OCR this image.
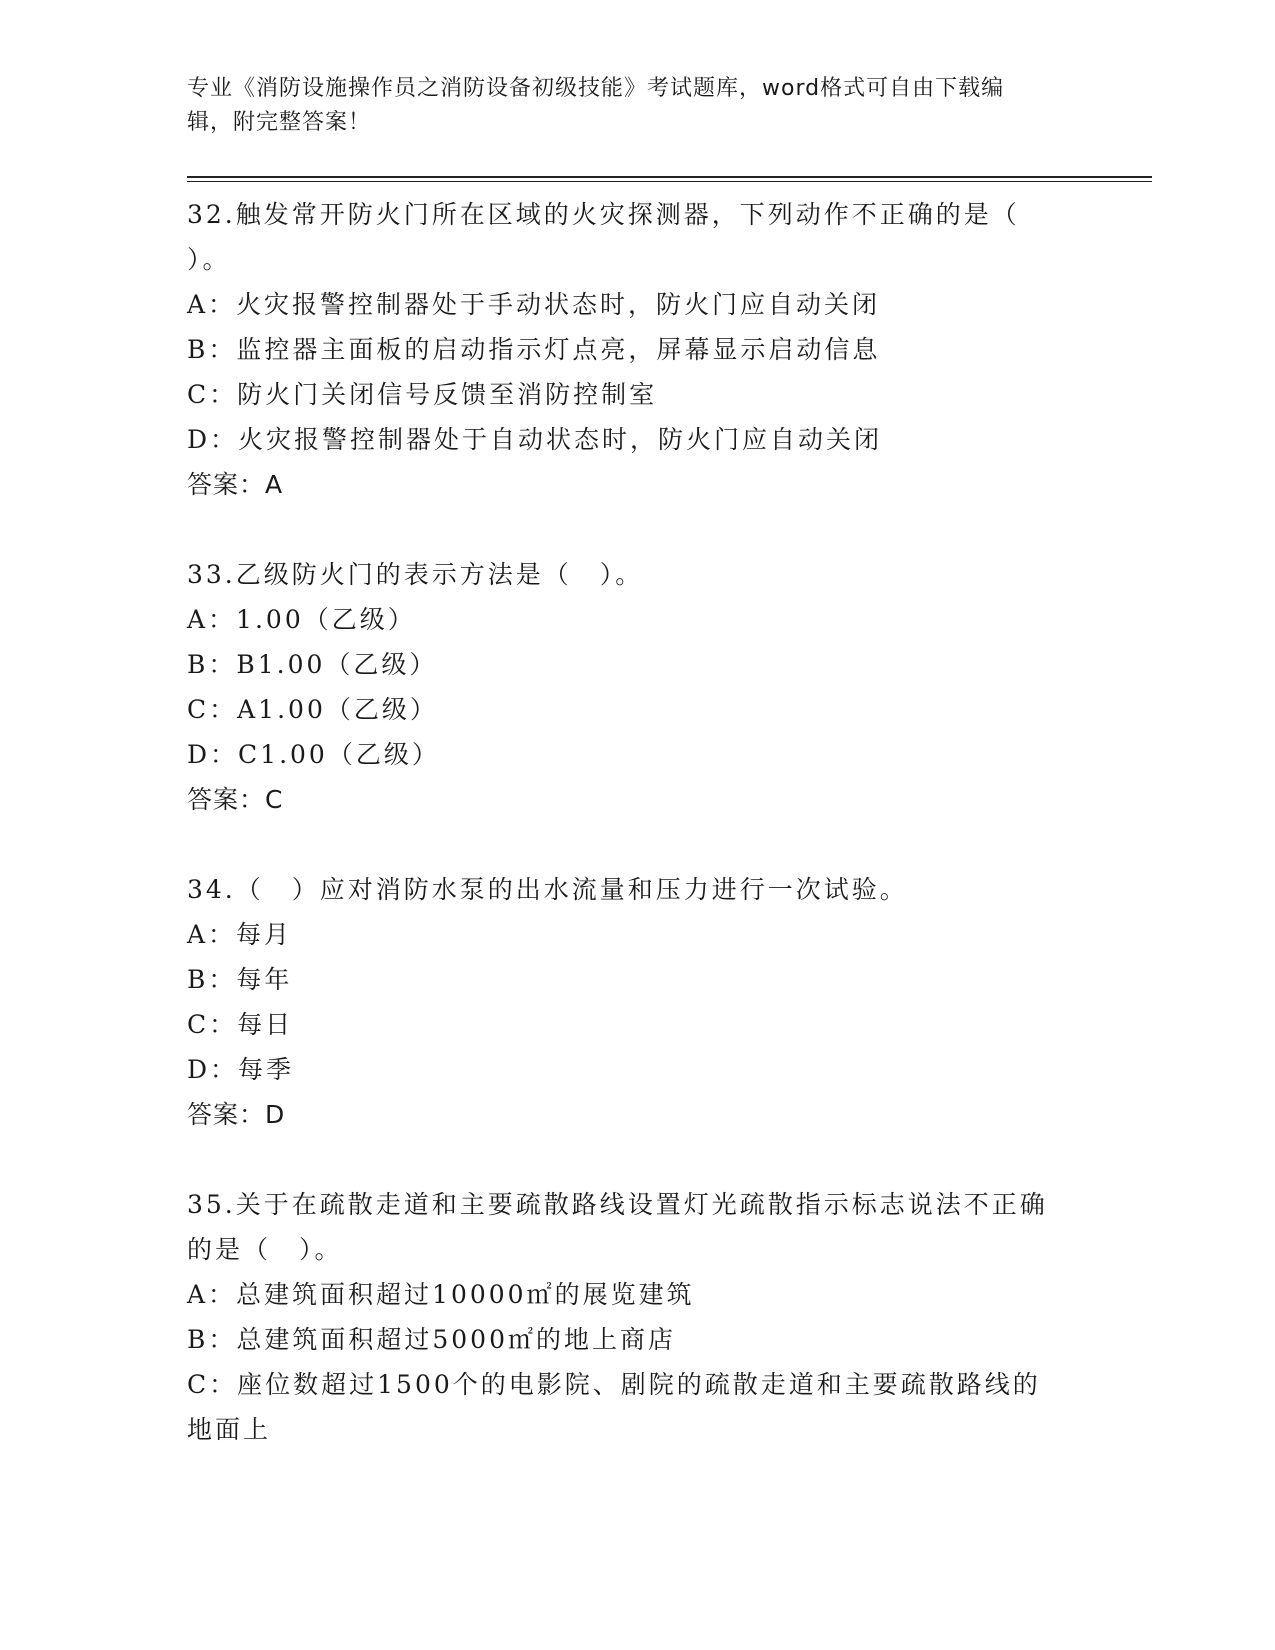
专业《消防设施操作员之消防设备初级技能》考试题库，word格式可自由下载编
辑，附完整答案！
32.触发常开防火门所在区域的火灾探测器，下列动作不正确的是（
）。
A：火灾报警控制器处于手动状态时，防火门应自动关闭
B：监控器主面板的启动指示灯点亮，屏幕显示启动信息
C：防火门关闭信号反馈至消防控制室
D：火灾报警控制器处于自动状态时，防火门应自动关闭
答案：A
33.乙级防火门的表示方法是（　）。
A：1.00（乙级）
B：B1.00（乙级）
C：A1.00（乙级）
D：C1.00（乙级）
答案：C
34.（　）应对消防水泵的出水流量和压力进行一次试验。
A：每月
B：每年
C：每日
D：每季
答案：D
35.关于在疏散走道和主要疏散路线设置灯光疏散指示标志说法不正确
的是（　）。
A：总建筑面积超过10000㎡的展览建筑
B：总建筑面积超过5000㎡的地上商店
C：座位数超过1500个的电影院、剧院的疏散走道和主要疏散路线的
地面上
